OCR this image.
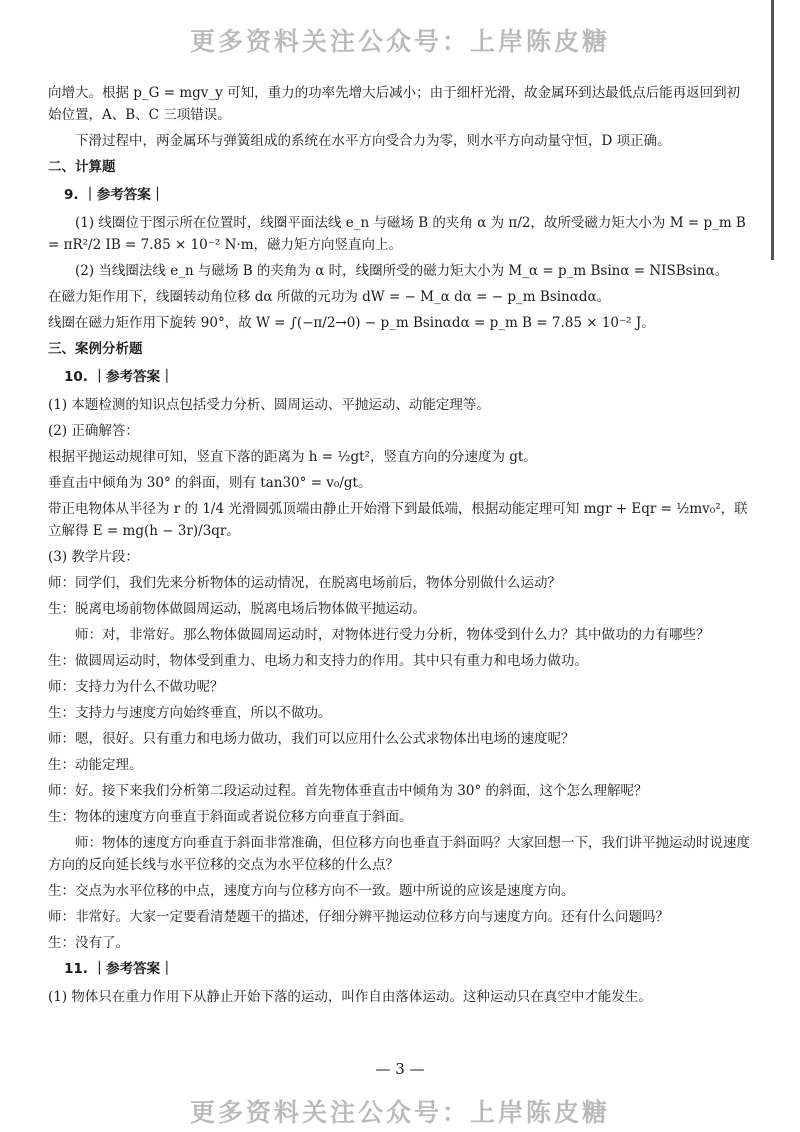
更多资料关注公众号：上岸陈皮糖
向增大。根据 p_G = mgv_y 可知，重力的功率先增大后减小；由于细杆光滑，故金属环到达最低点后能再返回到初始位置，A、B、C 三项错误。
下滑过程中，两金属环与弹簧组成的系统在水平方向受合力为零，则水平方向动量守恒，D 项正确。
二、计算题
9. ｜参考答案｜
(1) 线圈位于图示所在位置时，线圈平面法线 e_n 与磁场 B 的夹角 α 为 π/2，故所受磁力矩大小为 M = p_m B = πR²/2 IB = 7.85 × 10⁻² N·m，磁力矩方向竖直向上。
(2) 当线圈法线 e_n 与磁场 B 的夹角为 α 时，线圈所受的磁力矩大小为 M_α = p_m Bsinα = NISBsinα。
在磁力矩作用下，线圈转动角位移 dα 所做的元功为 dW = − M_α dα = − p_m Bsinαdα。
线圈在磁力矩作用下旋转 90°，故 W = ∫(−π/2→0) − p_m Bsinαdα = p_m B = 7.85 × 10⁻² J。
三、案例分析题
10. ｜参考答案｜
(1) 本题检测的知识点包括受力分析、圆周运动、平抛运动、动能定理等。
(2) 正确解答：
根据平抛运动规律可知，竖直下落的距离为 h = ½gt²，竖直方向的分速度为 gt。
垂直击中倾角为 30° 的斜面，则有 tan30° = v₀/gt。
带正电物体从半径为 r 的 1/4 光滑圆弧顶端由静止开始滑下到最低端，根据动能定理可知 mgr + Eqr = ½mv₀²，联立解得 E = mg(h − 3r)/3qr。
(3) 教学片段：
师：同学们，我们先来分析物体的运动情况，在脱离电场前后，物体分别做什么运动？
生：脱离电场前物体做圆周运动，脱离电场后物体做平抛运动。
师：对，非常好。那么物体做圆周运动时，对物体进行受力分析，物体受到什么力？其中做功的力有哪些？
生：做圆周运动时，物体受到重力、电场力和支持力的作用。其中只有重力和电场力做功。
师：支持力为什么不做功呢？
生：支持力与速度方向始终垂直，所以不做功。
师：嗯，很好。只有重力和电场力做功，我们可以应用什么公式求物体出电场的速度呢？
生：动能定理。
师：好。接下来我们分析第二段运动过程。首先物体垂直击中倾角为 30° 的斜面，这个怎么理解呢？
生：物体的速度方向垂直于斜面或者说位移方向垂直于斜面。
师：物体的速度方向垂直于斜面非常准确，但位移方向也垂直于斜面吗？大家回想一下，我们讲平抛运动时说速度方向的反向延长线与水平位移的交点为水平位移的什么点？
生：交点为水平位移的中点，速度方向与位移方向不一致。题中所说的应该是速度方向。
师：非常好。大家一定要看清楚题干的描述，仔细分辨平抛运动位移方向与速度方向。还有什么问题吗？
生：没有了。
11. ｜参考答案｜
(1) 物体只在重力作用下从静止开始下落的运动，叫作自由落体运动。这种运动只在真空中才能发生。
— 3 —
更多资料关注公众号：上岸陈皮糖
